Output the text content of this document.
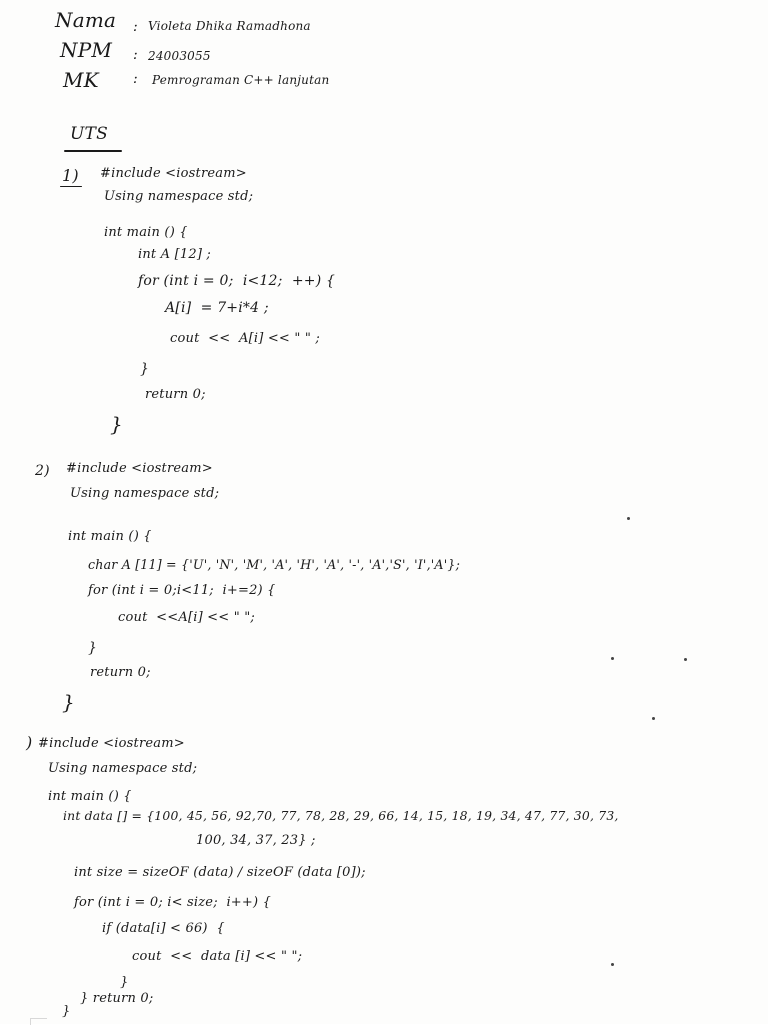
Nama : Violeta Dhika Ramadhona
NPM : 24003055
MK : Pemrograman C++ lanjutan
UTS
1) #include <iostream>
Using namespace std;
int main () {
int A [12] ;
for (int i = 0;  i<12;  ++) {
A[i]  = 7+i*4 ;
cout  <<  A[i] << " " ;
}
return 0;
}
2) #include <iostream>
Using namespace std;
int main () {
char A [11] = {'U', 'N', 'M', 'A', 'H', 'A', '-', 'A','S', 'I','A'};
for (int i = 0;i<11;  i+=2) {
cout  <<A[i] << " ";
}
return 0;
}
) #include <iostream>
Using namespace std;
int main () {
int data [] = {100, 45, 56, 92,70, 77, 78, 28, 29, 66, 14, 15, 18, 19, 34, 47, 77, 30, 73,
100, 34, 37, 23} ;
int size = sizeOF (data) / sizeOF (data [0]);
for (int i = 0; i< size;  i++) {
if (data[i] < 66)  {
cout  <<  data [i] << " ";
}
} return 0;
}
